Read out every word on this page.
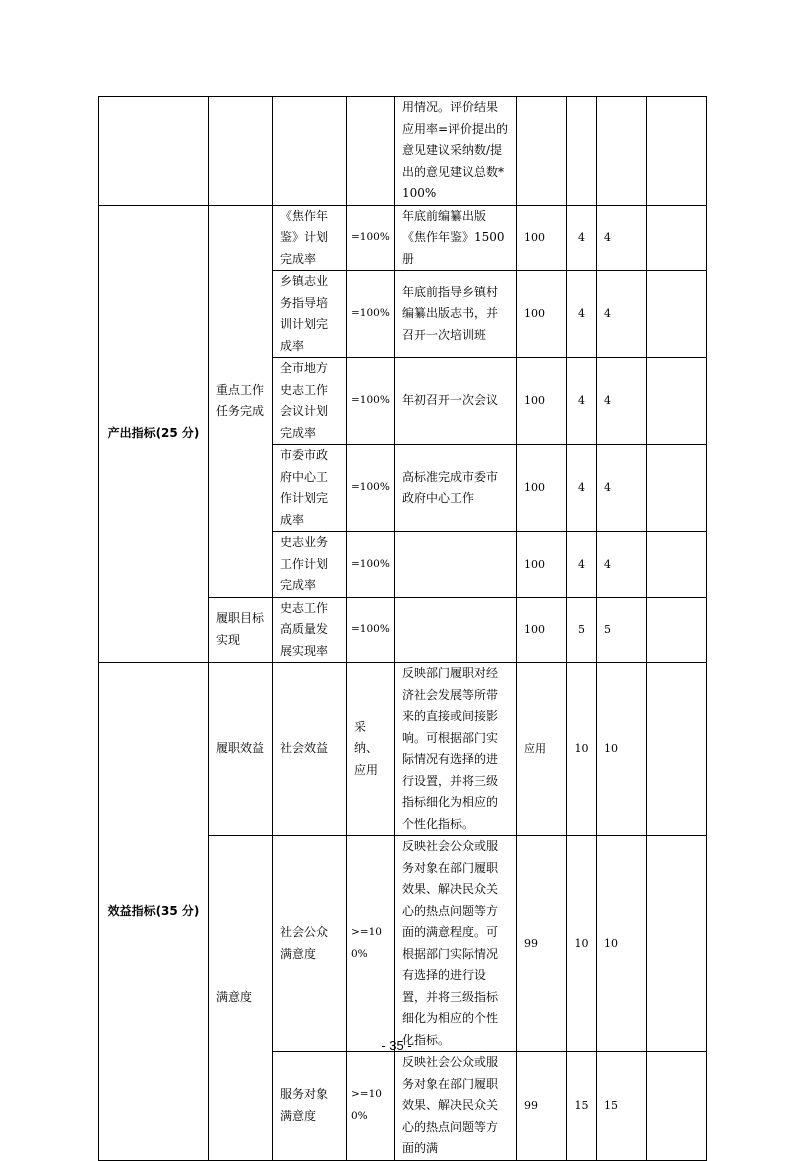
				用情况。评价结果应用率=评价提出的意见建议采纳数/提出的意见建议总数*100%				
产出指标(25 分)	重点工作任务完成	《焦作年鉴》计划完成率	=100%	年底前编纂出版《焦作年鉴》1500册	100	4	4	
		乡镇志业务指导培训计划完成率	=100%	年底前指导乡镇村编纂出版志书，并召开一次培训班	100	4	4	
		全市地方史志工作会议计划完成率	=100%	年初召开一次会议	100	4	4	
		市委市政府中心工作计划完成率	=100%	高标准完成市委市政府中心工作	100	4	4	
		史志业务工作计划完成率	=100%		100	4	4	
	履职目标实现	史志工作高质量发展实现率	=100%		100	5	5	
效益指标(35 分)	履职效益	社会效益	采纳、应用	反映部门履职对经济社会发展等所带来的直接或间接影响。可根据部门实际情况有选择的进行设置，并将三级指标细化为相应的个性化指标。	应用	10	10	
	满意度	社会公众满意度	>=100%	反映社会公众或服务对象在部门履职效果、解决民众关心的热点问题等方面的满意程度。可根据部门实际情况有选择的进行设置，并将三级指标细化为相应的个性化指标。	99	10	10	
		服务对象满意度	>=100%	反映社会公众或服务对象在部门履职效果、解决民众关心的热点问题等方面的满	99	15	15	
- 35 -
